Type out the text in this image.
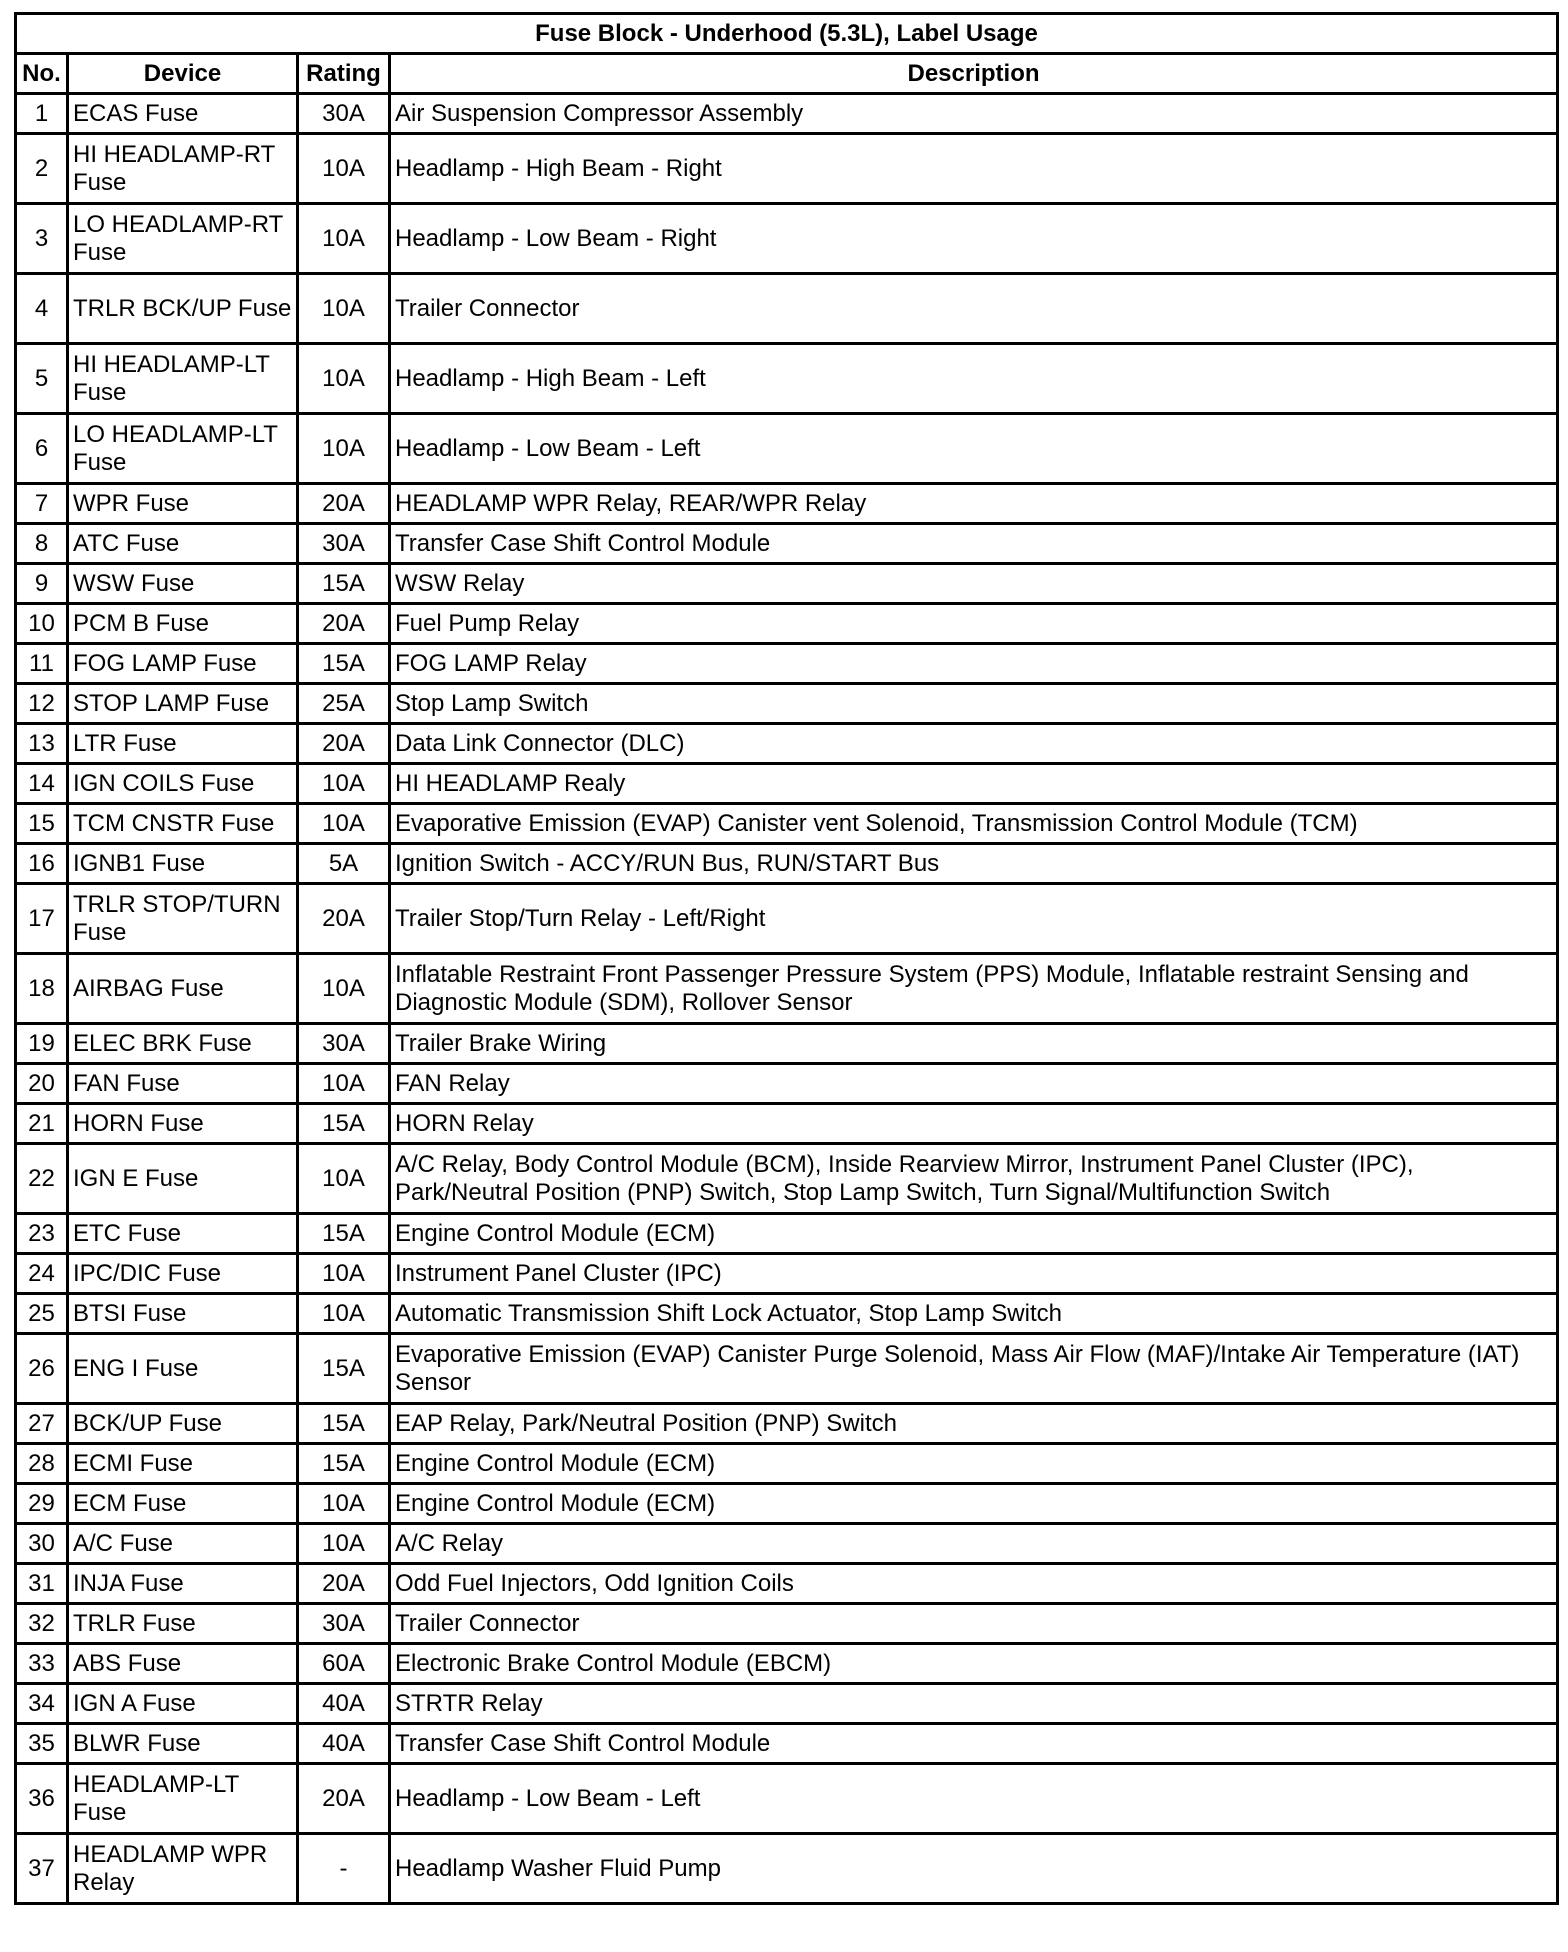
Fuse Block - Underhood (5.3L), Label Usage			
No.	Device	Rating	Description
1	ECAS Fuse	30A	Air Suspension Compressor Assembly
2	HI HEADLAMP-RT Fuse	10A	Headlamp - High Beam - Right
3	LO HEADLAMP-RT Fuse	10A	Headlamp - Low Beam - Right
4	TRLR BCK/UP Fuse	10A	Trailer Connector
5	HI HEADLAMP-LT Fuse	10A	Headlamp - High Beam - Left
6	LO HEADLAMP-LT Fuse	10A	Headlamp - Low Beam - Left
7	WPR Fuse	20A	HEADLAMP WPR Relay, REAR/WPR Relay
8	ATC Fuse	30A	Transfer Case Shift Control Module
9	WSW Fuse	15A	WSW Relay
10	PCM B Fuse	20A	Fuel Pump Relay
11	FOG LAMP Fuse	15A	FOG LAMP Relay
12	STOP LAMP Fuse	25A	Stop Lamp Switch
13	LTR Fuse	20A	Data Link Connector (DLC)
14	IGN COILS Fuse	10A	HI HEADLAMP Realy
15	TCM CNSTR Fuse	10A	Evaporative Emission (EVAP) Canister vent Solenoid, Transmission Control Module (TCM)
16	IGNB1 Fuse	5A	Ignition Switch - ACCY/RUN Bus, RUN/START Bus
17	TRLR STOP/TURN Fuse	20A	Trailer Stop/Turn Relay - Left/Right
18	AIRBAG Fuse	10A	Inflatable Restraint Front Passenger Pressure System (PPS) Module, Inflatable restraint Sensing and Diagnostic Module (SDM), Rollover Sensor
19	ELEC BRK Fuse	30A	Trailer Brake Wiring
20	FAN Fuse	10A	FAN Relay
21	HORN Fuse	15A	HORN Relay
22	IGN E Fuse	10A	A/C Relay, Body Control Module (BCM), Inside Rearview Mirror, Instrument Panel Cluster (IPC), Park/Neutral Position (PNP) Switch, Stop Lamp Switch, Turn Signal/Multifunction Switch
23	ETC Fuse	15A	Engine Control Module (ECM)
24	IPC/DIC Fuse	10A	Instrument Panel Cluster (IPC)
25	BTSI Fuse	10A	Automatic Transmission Shift Lock Actuator, Stop Lamp Switch
26	ENG I Fuse	15A	Evaporative Emission (EVAP) Canister Purge Solenoid, Mass Air Flow (MAF)/Intake Air Temperature (IAT) Sensor
27	BCK/UP Fuse	15A	EAP Relay, Park/Neutral Position (PNP) Switch
28	ECMI Fuse	15A	Engine Control Module (ECM)
29	ECM Fuse	10A	Engine Control Module (ECM)
30	A/C Fuse	10A	A/C Relay
31	INJA Fuse	20A	Odd Fuel Injectors, Odd Ignition Coils
32	TRLR Fuse	30A	Trailer Connector
33	ABS Fuse	60A	Electronic Brake Control Module (EBCM)
34	IGN A Fuse	40A	STRTR Relay
35	BLWR Fuse	40A	Transfer Case Shift Control Module
36	HEADLAMP-LT Fuse	20A	Headlamp - Low Beam - Left
37	HEADLAMP WPR Relay	-	Headlamp Washer Fluid Pump
